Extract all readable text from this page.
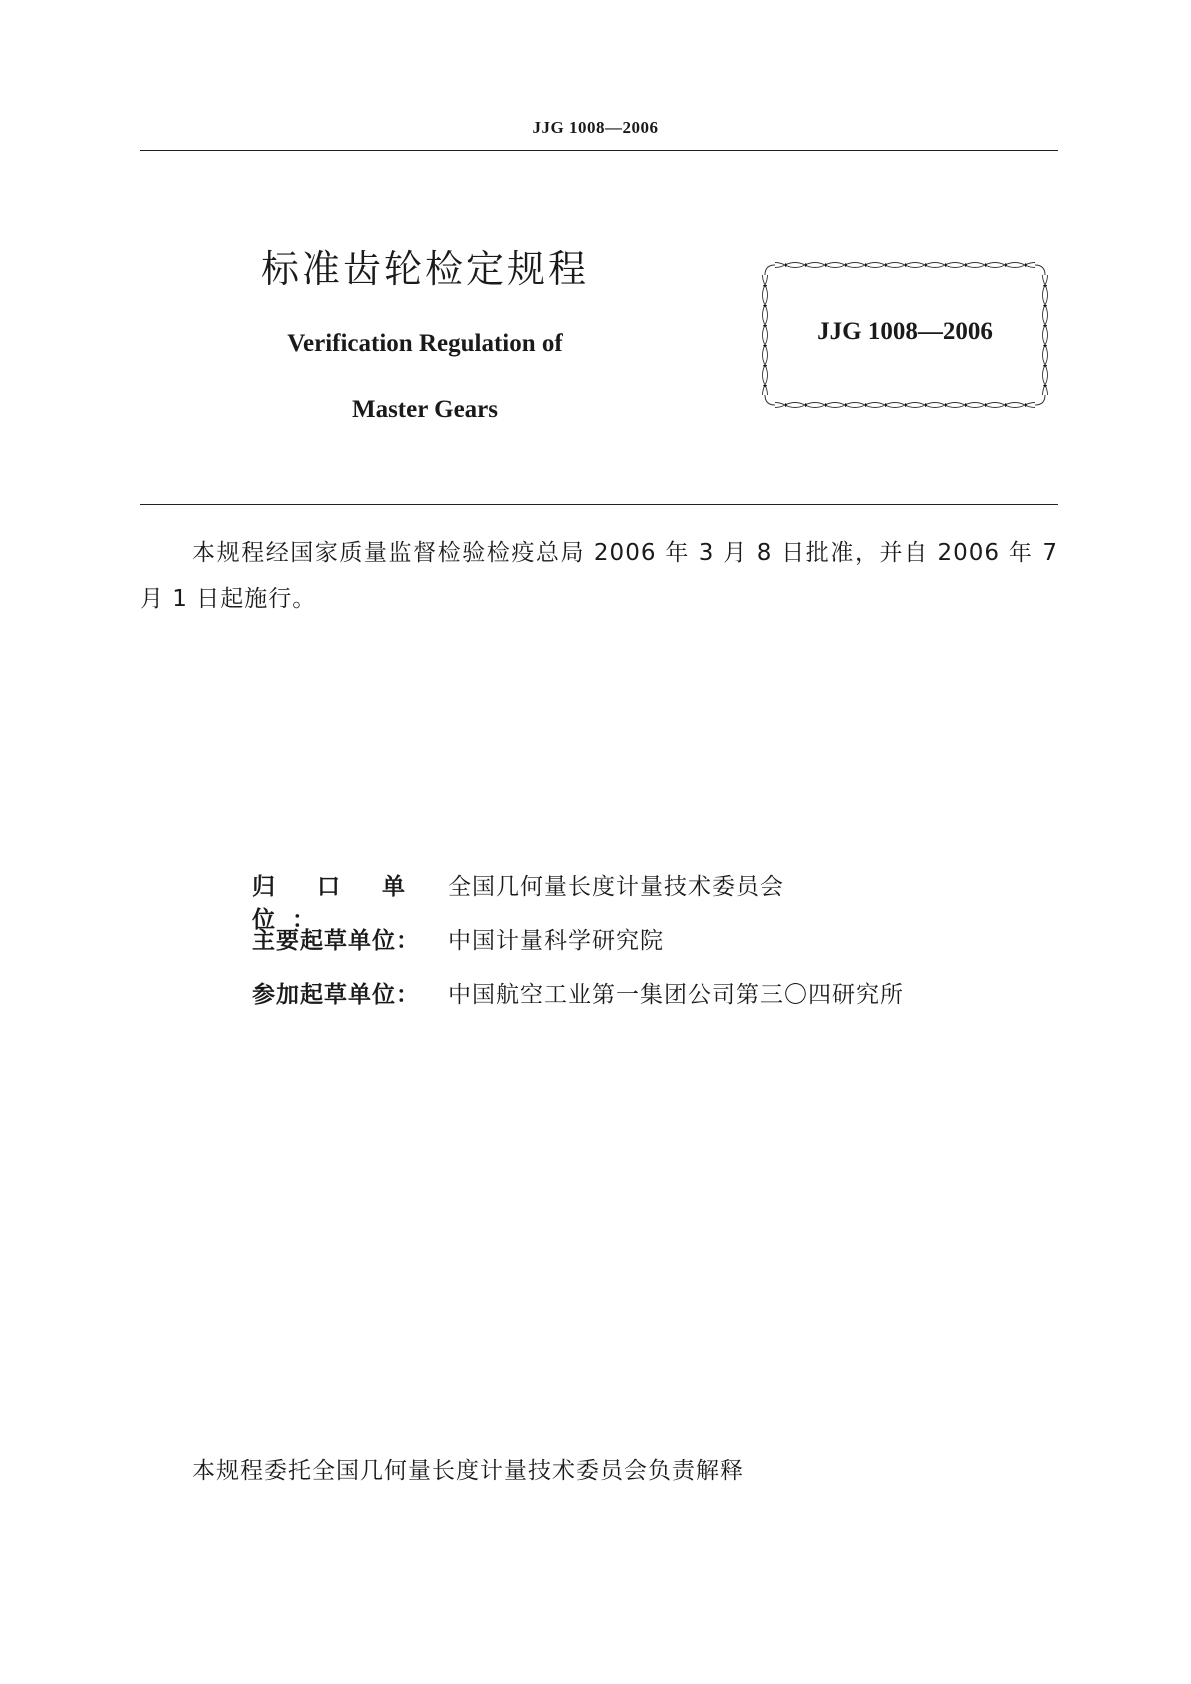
JJG 1008—2006
标准齿轮检定规程
Verification Regulation of
Master Gears
JJG 1008—2006
本规程经国家质量监督检验检疫总局 2006 年 3 月 8 日批准，并自 2006 年 7 月 1 日起施行。
归 口 单 位：
全国几何量长度计量技术委员会
主要起草单位：	中国计量科学研究院
参加起草单位：	中国航空工业第一集团公司第三〇四研究所
本规程委托全国几何量长度计量技术委员会负责解释
